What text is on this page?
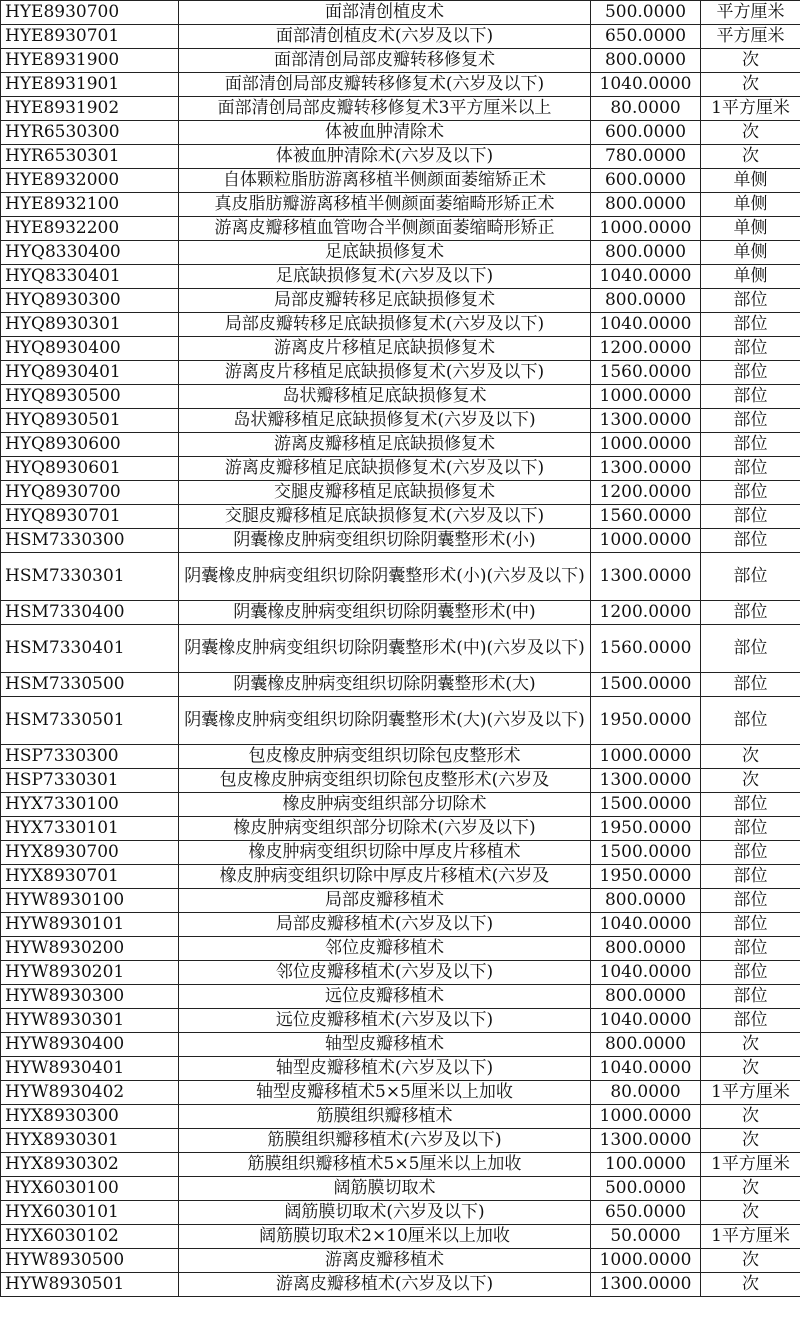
HYE8930700	面部清创植皮术	500.0000	平方厘米
HYE8930701	面部清创植皮术(六岁及以下)	650.0000	平方厘米
HYE8931900	面部清创局部皮瓣转移修复术	800.0000	次
HYE8931901	面部清创局部皮瓣转移修复术(六岁及以下)	1040.0000	次
HYE8931902	面部清创局部皮瓣转移修复术3平方厘米以上	80.0000	1平方厘米
HYR6530300	体被血肿清除术	600.0000	次
HYR6530301	体被血肿清除术(六岁及以下)	780.0000	次
HYE8932000	自体颗粒脂肪游离移植半侧颜面萎缩矫正术	600.0000	单侧
HYE8932100	真皮脂肪瓣游离移植半侧颜面萎缩畸形矫正术	800.0000	单侧
HYE8932200	游离皮瓣移植血管吻合半侧颜面萎缩畸形矫正	1000.0000	单侧
HYQ8330400	足底缺损修复术	800.0000	单侧
HYQ8330401	足底缺损修复术(六岁及以下)	1040.0000	单侧
HYQ8930300	局部皮瓣转移足底缺损修复术	800.0000	部位
HYQ8930301	局部皮瓣转移足底缺损修复术(六岁及以下)	1040.0000	部位
HYQ8930400	游离皮片移植足底缺损修复术	1200.0000	部位
HYQ8930401	游离皮片移植足底缺损修复术(六岁及以下)	1560.0000	部位
HYQ8930500	岛状瓣移植足底缺损修复术	1000.0000	部位
HYQ8930501	岛状瓣移植足底缺损修复术(六岁及以下)	1300.0000	部位
HYQ8930600	游离皮瓣移植足底缺损修复术	1000.0000	部位
HYQ8930601	游离皮瓣移植足底缺损修复术(六岁及以下)	1300.0000	部位
HYQ8930700	交腿皮瓣移植足底缺损修复术	1200.0000	部位
HYQ8930701	交腿皮瓣移植足底缺损修复术(六岁及以下)	1560.0000	部位
HSM7330300	阴囊橡皮肿病变组织切除阴囊整形术(小)	1000.0000	部位
HSM7330301	阴囊橡皮肿病变组织切除阴囊整形术(小)(六岁及以下)	1300.0000	部位
HSM7330400	阴囊橡皮肿病变组织切除阴囊整形术(中)	1200.0000	部位
HSM7330401	阴囊橡皮肿病变组织切除阴囊整形术(中)(六岁及以下)	1560.0000	部位
HSM7330500	阴囊橡皮肿病变组织切除阴囊整形术(大)	1500.0000	部位
HSM7330501	阴囊橡皮肿病变组织切除阴囊整形术(大)(六岁及以下)	1950.0000	部位
HSP7330300	包皮橡皮肿病变组织切除包皮整形术	1000.0000	次
HSP7330301	包皮橡皮肿病变组织切除包皮整形术(六岁及	1300.0000	次
HYX7330100	橡皮肿病变组织部分切除术	1500.0000	部位
HYX7330101	橡皮肿病变组织部分切除术(六岁及以下)	1950.0000	部位
HYX8930700	橡皮肿病变组织切除中厚皮片移植术	1500.0000	部位
HYX8930701	橡皮肿病变组织切除中厚皮片移植术(六岁及	1950.0000	部位
HYW8930100	局部皮瓣移植术	800.0000	部位
HYW8930101	局部皮瓣移植术(六岁及以下)	1040.0000	部位
HYW8930200	邻位皮瓣移植术	800.0000	部位
HYW8930201	邻位皮瓣移植术(六岁及以下)	1040.0000	部位
HYW8930300	远位皮瓣移植术	800.0000	部位
HYW8930301	远位皮瓣移植术(六岁及以下)	1040.0000	部位
HYW8930400	轴型皮瓣移植术	800.0000	次
HYW8930401	轴型皮瓣移植术(六岁及以下)	1040.0000	次
HYW8930402	轴型皮瓣移植术5×5厘米以上加收	80.0000	1平方厘米
HYX8930300	筋膜组织瓣移植术	1000.0000	次
HYX8930301	筋膜组织瓣移植术(六岁及以下)	1300.0000	次
HYX8930302	筋膜组织瓣移植术5×5厘米以上加收	100.0000	1平方厘米
HYX6030100	阔筋膜切取术	500.0000	次
HYX6030101	阔筋膜切取术(六岁及以下)	650.0000	次
HYX6030102	阔筋膜切取术2×10厘米以上加收	50.0000	1平方厘米
HYW8930500	游离皮瓣移植术	1000.0000	次
HYW8930501	游离皮瓣移植术(六岁及以下)	1300.0000	次
